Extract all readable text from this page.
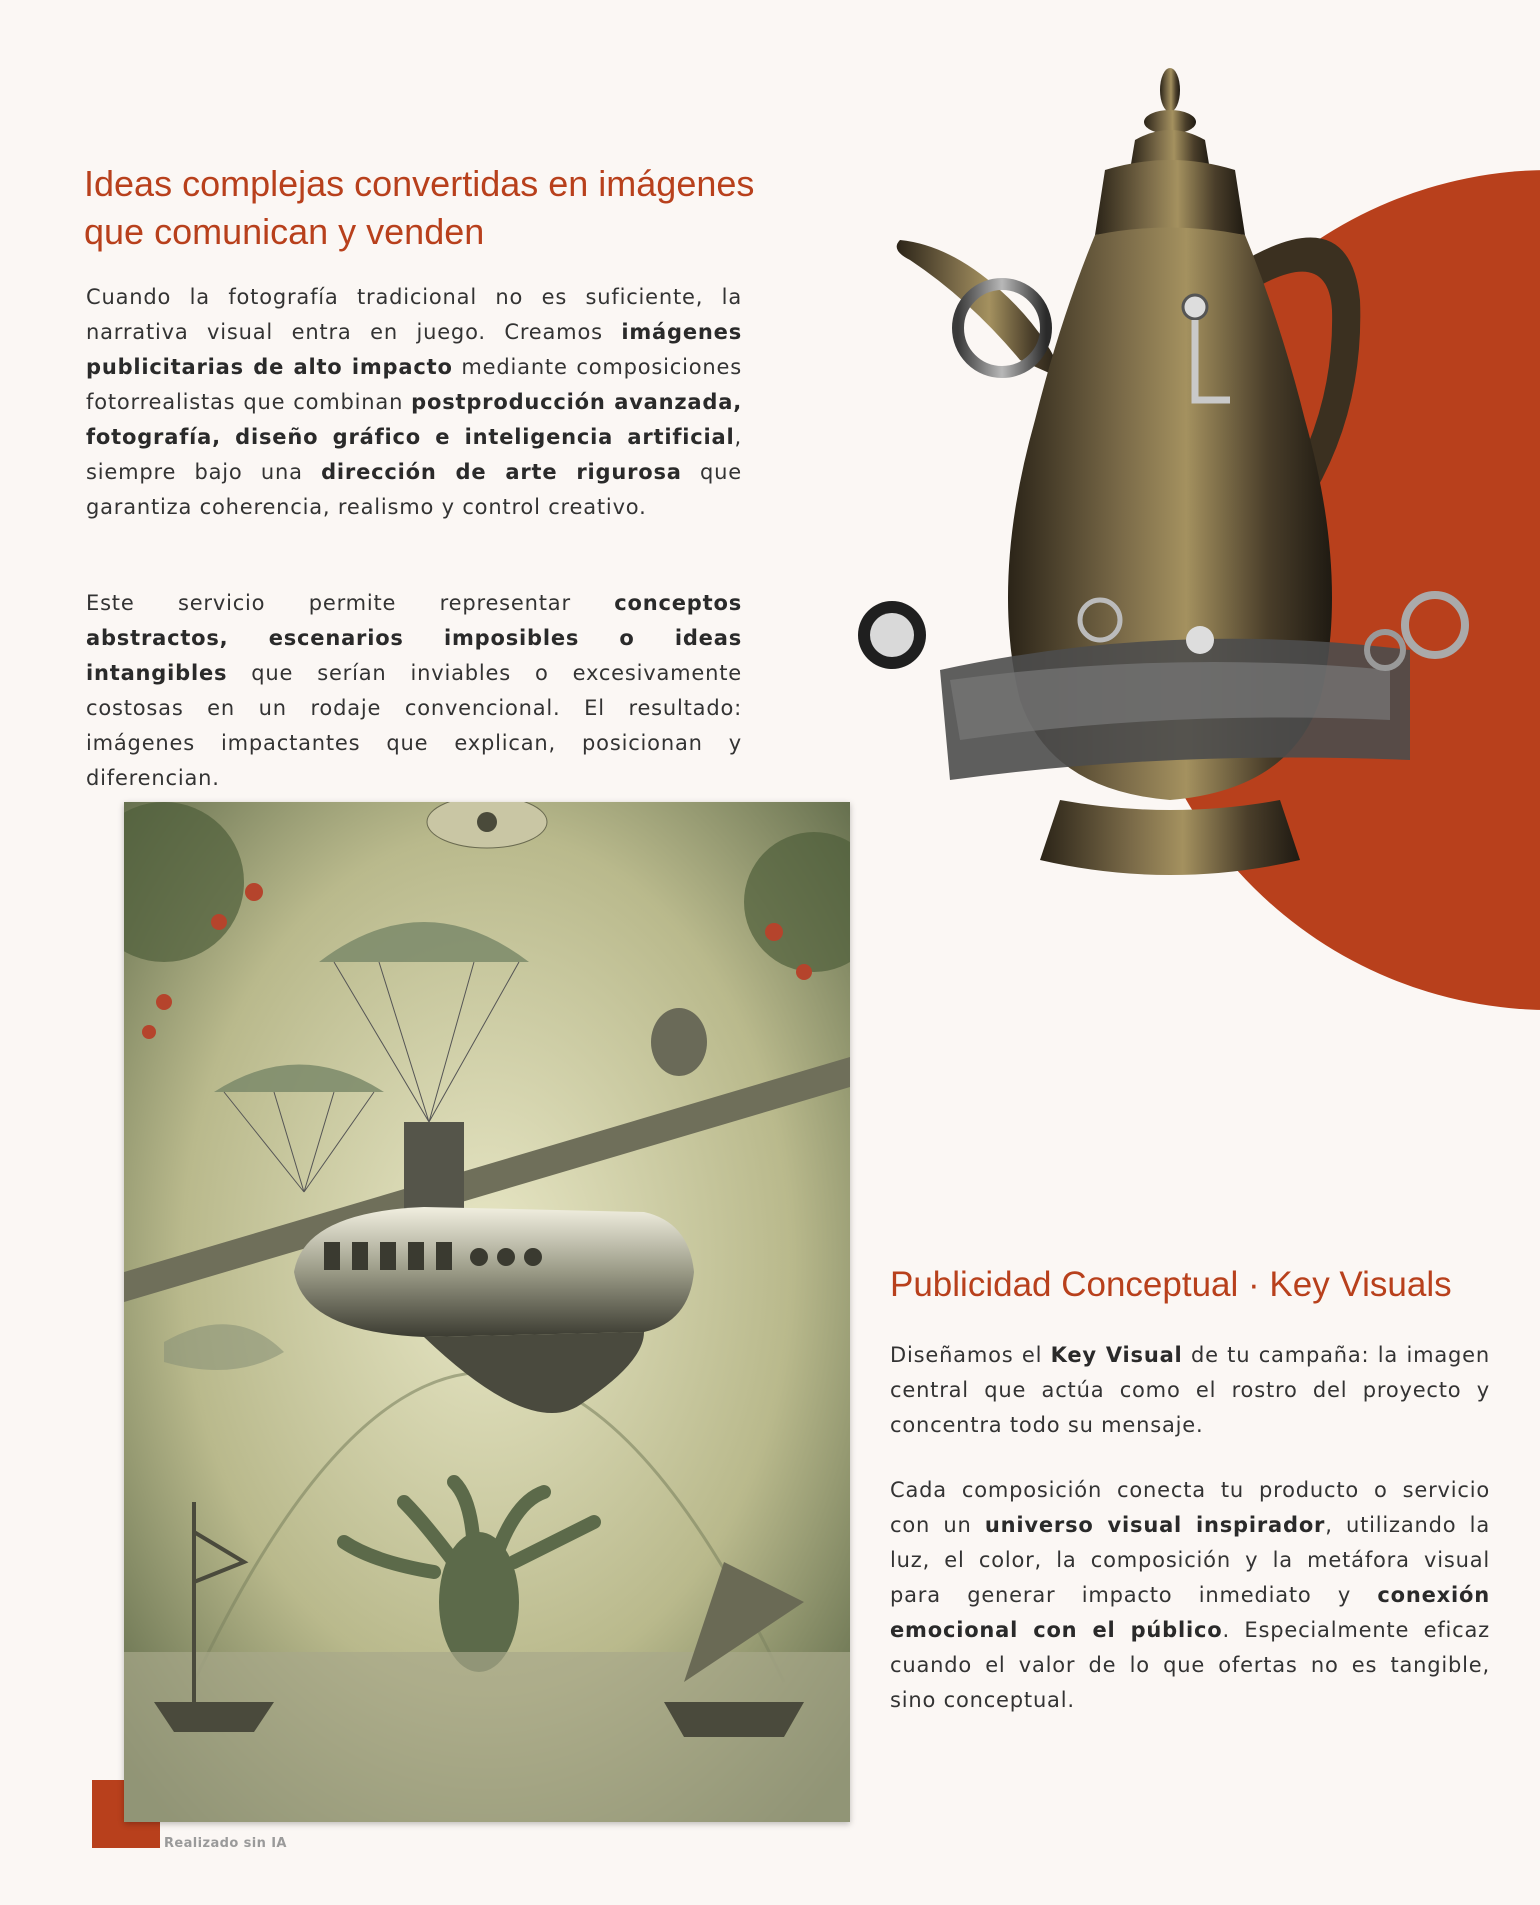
Ideas complejas convertidas en imágenes
que comunican y venden

Cuando la fotografía tradicional no es suficiente, la narrativa visual entra en juego. Creamos imágenes publicitarias de alto impacto mediante composiciones fotorrealistas que combinan postproducción avanzada, fotografía, diseño gráfico e inteligencia artificial, siempre bajo una dirección de arte rigurosa que garantiza coherencia, realismo y control creativo.

Este servicio permite representar conceptos abstractos, escenarios imposibles o ideas intangibles que serían inviables o excesivamente costosas en un rodaje convencional. El resultado: imágenes impactantes que explican, posicionan y diferencian.

Realizado sin IA
Publicidad Conceptual · Key Visuals

Diseñamos el Key Visual de tu campaña: la imagen central que actúa como el rostro del proyecto y concentra todo su mensaje.

Cada composición conecta tu producto o servicio con un universo visual inspirador, utilizando la luz, el color, la composición y la metáfora visual para generar impacto inmediato y conexión emocional con el público. Especialmente eficaz cuando el valor de lo que ofertas no es tangible, sino conceptual.
